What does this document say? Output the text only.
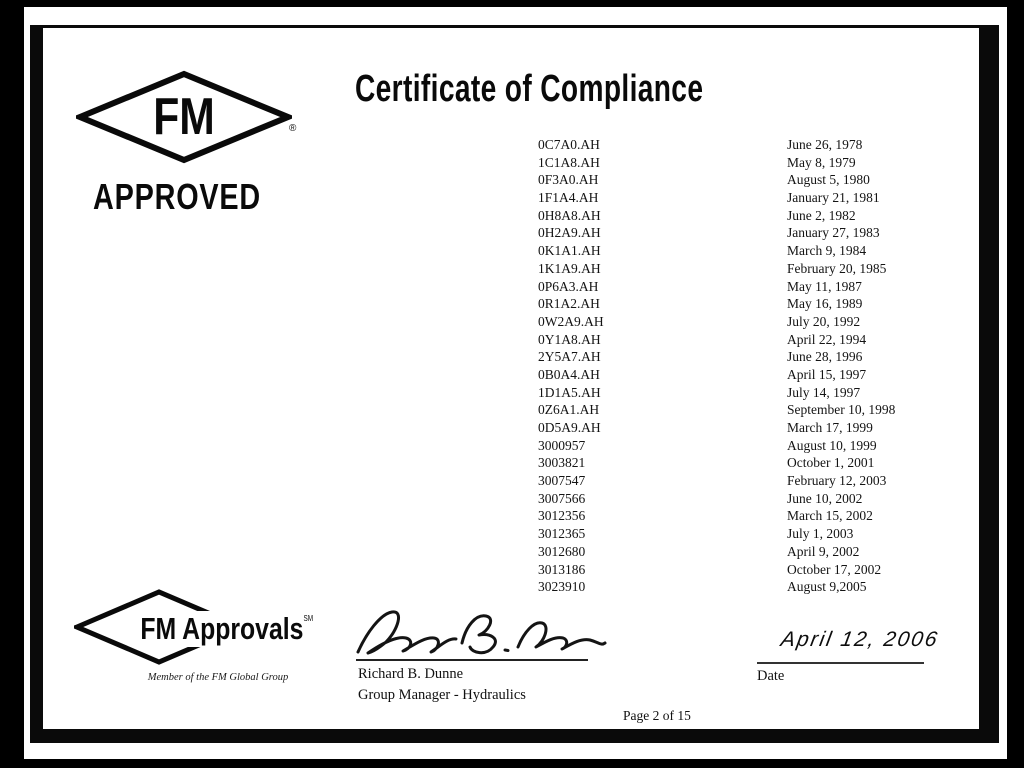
FM	®
APPROVED
Certificate of Compliance
0C7A0.AH	June 26, 1978
1C1A8.AH	May 8, 1979
0F3A0.AH	August 5, 1980
1F1A4.AH	January 21, 1981
0H8A8.AH	June 2, 1982
0H2A9.AH	January 27, 1983
0K1A1.AH	March 9, 1984
1K1A9.AH	February 20, 1985
0P6A3.AH	May 11, 1987
0R1A2.AH	May 16, 1989
0W2A9.AH	July 20, 1992
0Y1A8.AH	April 22, 1994
2Y5A7.AH	June 28, 1996
0B0A4.AH	April 15, 1997
1D1A5.AH	July 14, 1997
0Z6A1.AH	September 10, 1998
0D5A9.AH	March 17, 1999
3000957	August 10, 1999
3003821	October 1, 2001
3007547	February 12, 2003
3007566	June 10, 2002
3012356	March 15, 2002
3012365	July 1, 2003
3012680	April 9, 2002
3013186	October 17, 2002
3023910	August 9,2005
FM Approvals℠
Member of the FM Global Group	Richard B. Dunne
Group Manager - Hydraulics
April 12, 2006
Date
Page 2 of 15
